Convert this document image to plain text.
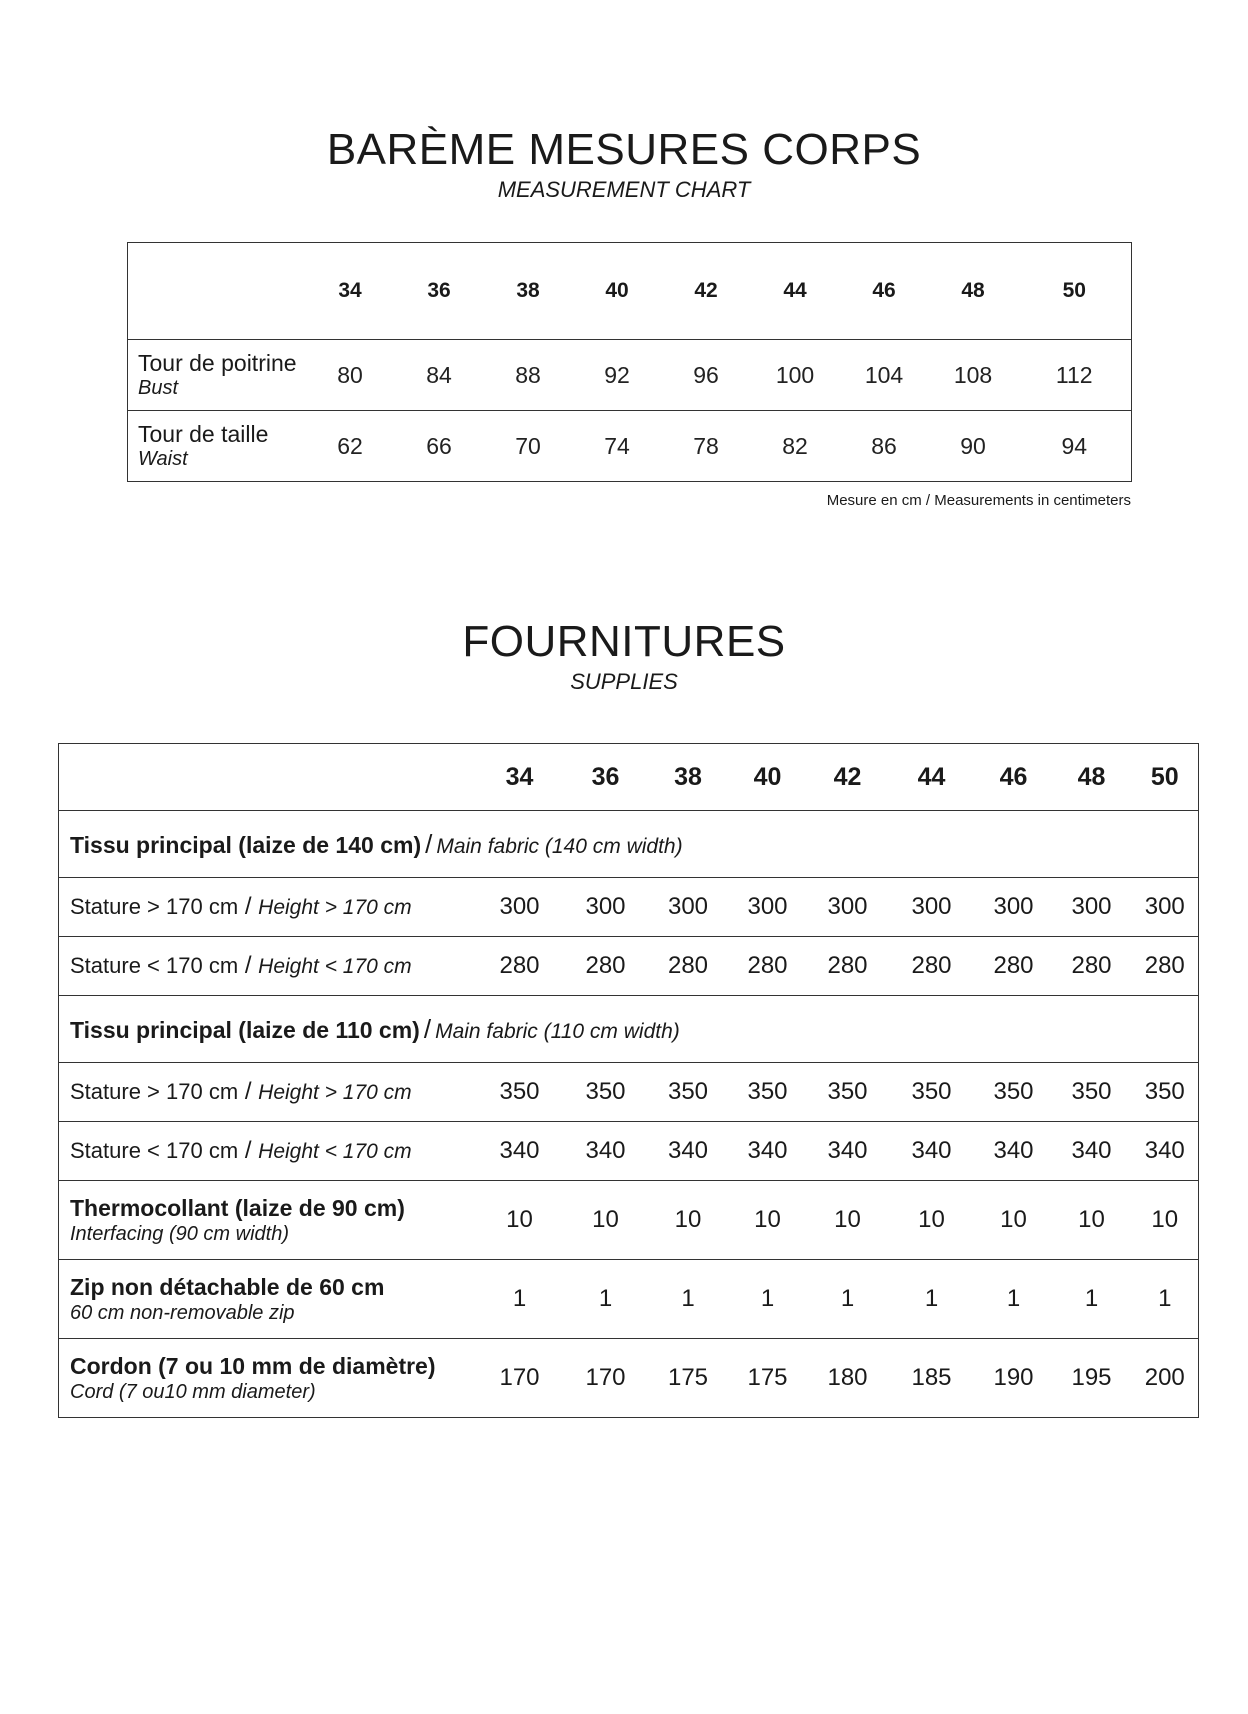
BARÈME MESURES CORPS

MEASUREMENT CHART

	34	36	38	40	42	44	46	48	50

Tour de poitrine
Bust	80	84	88	92	96	100	104	108	112

Tour de taille
Waist	62	66	70	74	78	82	86	90	94
Mesure en cm / Measurements in centimeters
FOURNITURES

SUPPLIES

	34	36	38	40	42	44	46	48	50
Tissu principal (laize de 140 cm) / Main fabric (140 cm width)									
Stature > 170 cm / Height > 170 cm	300	300	300	300	300	300	300	300	300
Stature < 170 cm / Height < 170 cm	280	280	280	280	280	280	280	280	280
Tissu principal (laize de 110 cm) / Main fabric (110 cm width)									
Stature > 170 cm / Height > 170 cm	350	350	350	350	350	350	350	350	350
Stature < 170 cm / Height < 170 cm	340	340	340	340	340	340	340	340	340

Thermocollant (laize de 90 cm)
Interfacing (90 cm width)	10	10	10	10	10	10	10	10	10

Zip non détachable de 60 cm
60 cm non-removable zip	1	1	1	1	1	1	1	1	1

Cordon (7 ou 10 mm de diamètre)
Cord (7 ou10 mm diameter)	170	170	175	175	180	185	190	195	200
